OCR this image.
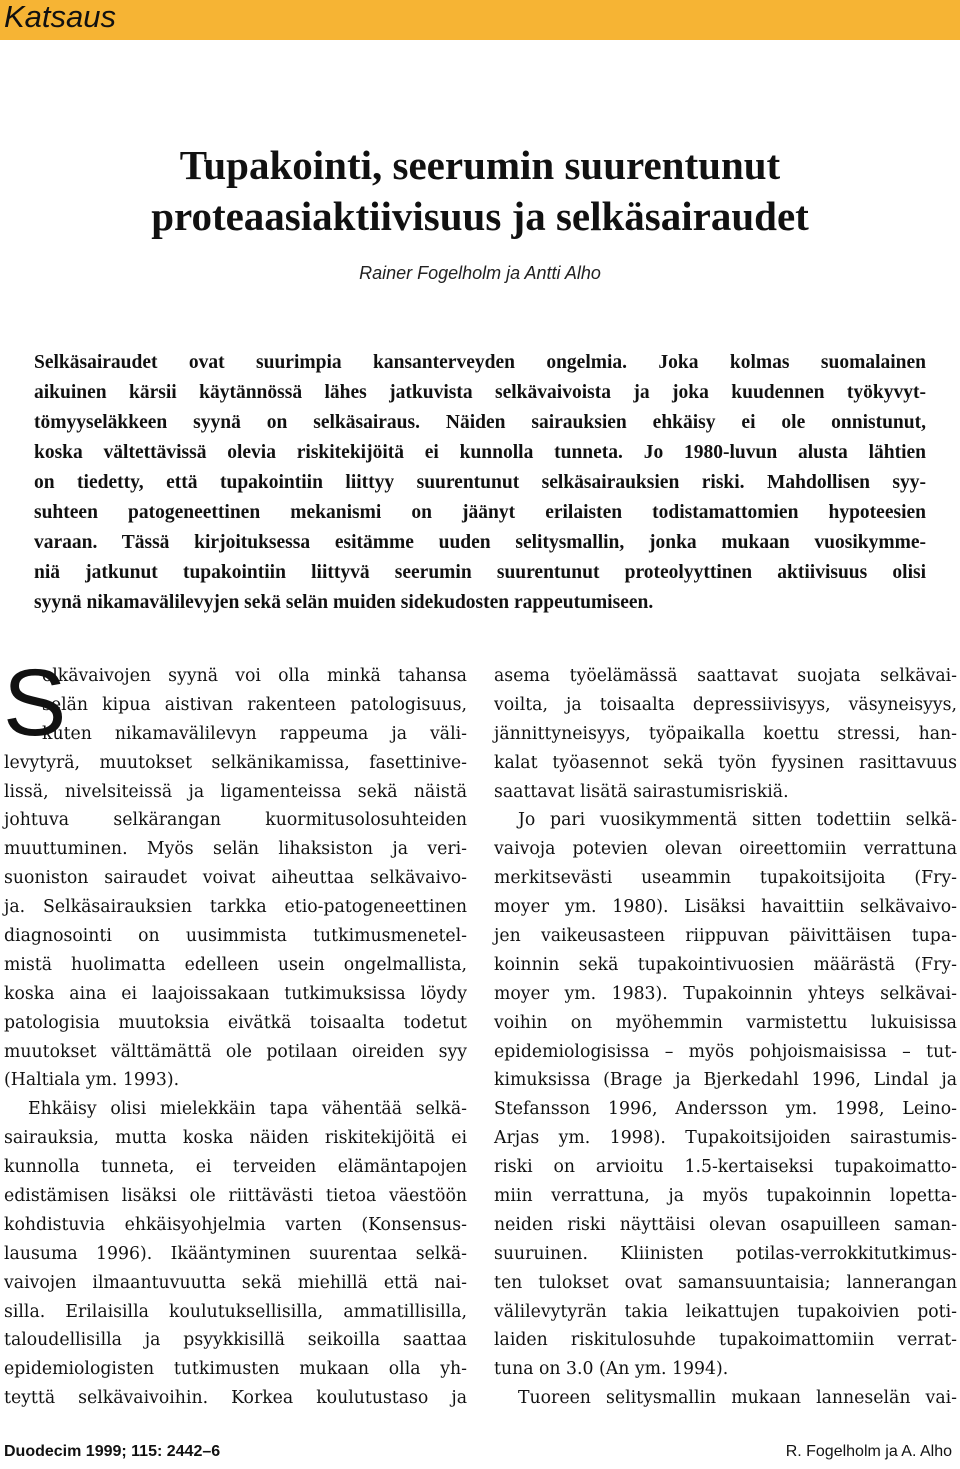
Katsaus
Tupakointi, seerumin suurentunut
proteaasiaktiivisuus ja selkäsairaudet
Rainer Fogelholm ja Antti Alho
Selkäsairaudet ovat suurimpia kansanterveyden ongelmia. Joka kolmas suomalainen
aikuinen kärsii käytännössä lähes jatkuvista selkävaivoista ja joka kuudennen työkyvyt-
tömyyseläkkeen syynä on selkäsairaus. Näiden sairauksien ehkäisy ei ole onnistunut,
koska vältettävissä olevia riskitekijöitä ei kunnolla tunneta. Jo 1980-luvun alusta lähtien
on tiedetty, että tupakointiin liittyy suurentunut selkäsairauksien riski. Mahdollisen syy-
suhteen patogeneettinen mekanismi on jäänyt erilaisten todistamattomien hypoteesien
varaan. Tässä kirjoituksessa esitämme uuden selitysmallin, jonka mukaan vuosikymme-
niä jatkunut tupakointiin liittyvä seerumin suurentunut proteolyyttinen aktiivisuus olisi
syynä nikamavälilevyjen sekä selän muiden sidekudosten rappeutumiseen.
S
elkävaivojen syynä voi olla minkä tahansa
selän kipua aistivan rakenteen patologisuus,
kuten nikamavälilevyn rappeuma ja väli-
levytyrä, muutokset selkänikamissa, fasettinive-
lissä, nivelsiteissä ja ligamenteissa sekä näistä
johtuva selkärangan kuormitusolosuhteiden
muuttuminen. Myös selän lihaksiston ja veri-
suoniston sairaudet voivat aiheuttaa selkävaivo-
ja. Selkäsairauksien tarkka etio-patogeneettinen
diagnosointi on uusimmista tutkimusmenetel-
mistä huolimatta edelleen usein ongelmallista,
koska aina ei laajoissakaan tutkimuksissa löydy
patologisia muutoksia eivätkä toisaalta todetut
muutokset välttämättä ole potilaan oireiden syy
(Haltiala ym. 1993).
Ehkäisy olisi mielekkäin tapa vähentää selkä-
sairauksia, mutta koska näiden riskitekijöitä ei
kunnolla tunneta, ei terveiden elämäntapojen
edistämisen lisäksi ole riittävästi tietoa väestöön
kohdistuvia ehkäisyohjelmia varten (Konsensus-
lausuma 1996). Ikääntyminen suurentaa selkä-
vaivojen ilmaantuvuutta sekä miehillä että nai-
silla. Erilaisilla koulutuksellisilla, ammatillisilla,
taloudellisilla ja psyykkisillä seikoilla saattaa
epidemiologisten tutkimusten mukaan olla yh-
teyttä selkävaivoihin. Korkea koulutustaso ja
asema työelämässä saattavat suojata selkävai-
voilta, ja toisaalta depressiivisyys, väsyneisyys,
jännittyneisyys, työpaikalla koettu stressi, han-
kalat työasennot sekä työn fyysinen rasittavuus
saattavat lisätä sairastumisriskiä.
Jo pari vuosikymmentä sitten todettiin selkä-
vaivoja potevien olevan oireettomiin verrattuna
merkitsevästi useammin tupakoitsijoita (Fry-
moyer ym. 1980). Lisäksi havaittiin selkävaivo-
jen vaikeusasteen riippuvan päivittäisen tupa-
koinnin sekä tupakointivuosien määrästä (Fry-
moyer ym. 1983). Tupakoinnin yhteys selkävai-
voihin on myöhemmin varmistettu lukuisissa
epidemiologisissa – myös pohjoismaisissa – tut-
kimuksissa (Brage ja Bjerkedahl 1996, Lindal ja
Stefansson 1996, Andersson ym. 1998, Leino-
Arjas ym. 1998). Tupakoitsijoiden sairastumis-
riski on arvioitu 1.5-kertaiseksi tupakoimatto-
miin verrattuna, ja myös tupakoinnin lopetta-
neiden riski näyttäisi olevan osapuilleen saman-
suuruinen. Kliinisten potilas-verrokkitutkimus-
ten tulokset ovat samansuuntaisia; lannerangan
välilevytyrän takia leikattujen tupakoivien poti-
laiden riskitulosuhde tupakoimattomiin verrat-
tuna on 3.0 (An ym. 1994).
Tuoreen selitysmallin mukaan lanneselän vai-
Duodecim 1999; 115: 2442–6	R. Fogelholm ja A. Alho
